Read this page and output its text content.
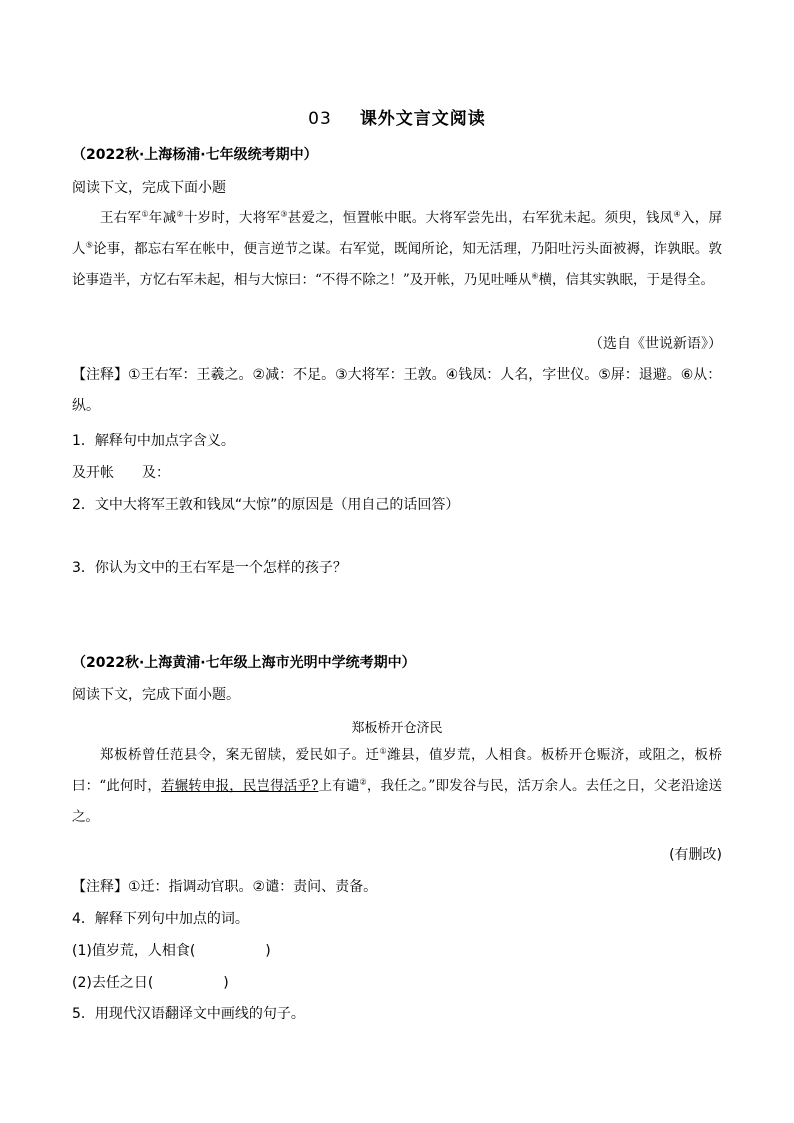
03 课外文言文阅读
（2022秋·上海杨浦·七年级统考期中）
阅读下文，完成下面小题
王右军①年减②十岁时，大将军③甚爱之，恒置帐中眠。大将军尝先出，右军犹未起。须臾，钱凤④入，屏人⑤论事，都忘右军在帐中，便言逆节之谋。右军觉，既闻所论，知无活理，乃阳吐污头面被褥，诈孰眠。敦论事造半，方忆右军未起，相与大惊曰：“不得不除之！”及开帐，乃见吐唾从⑥横，信其实孰眠，于是得全。
（选自《世说新语》）
【注释】①王右军：王羲之。②减：不足。③大将军：王敦。④钱凤：人名，字世仪。⑤屏：退避。⑥从：纵。
1．解释句中加点字含义。
及开帐　　及：
2．文中大将军王敦和钱凤“大惊”的原因是（用自己的话回答）
3．你认为文中的王右军是一个怎样的孩子？
（2022秋·上海黄浦·七年级上海市光明中学统考期中）
阅读下文，完成下面小题。
郑板桥开仓济民
郑板桥曾任范县令，案无留牍，爱民如子。迁①潍县，值岁荒，人相食。板桥开仓赈济，或阻之，板桥曰：“此何时，若辗转申报，民岂得活乎?上有谴②，我任之。”即发谷与民，活万余人。去任之日，父老沿途送之。
(有删改)
【注释】①迁：指调动官职。②谴：责问、责备。
4．解释下列句中加点的词。
(1)值岁荒，人相食(	)
(2)去任之日(	)
5．用现代汉语翻译文中画线的句子。
